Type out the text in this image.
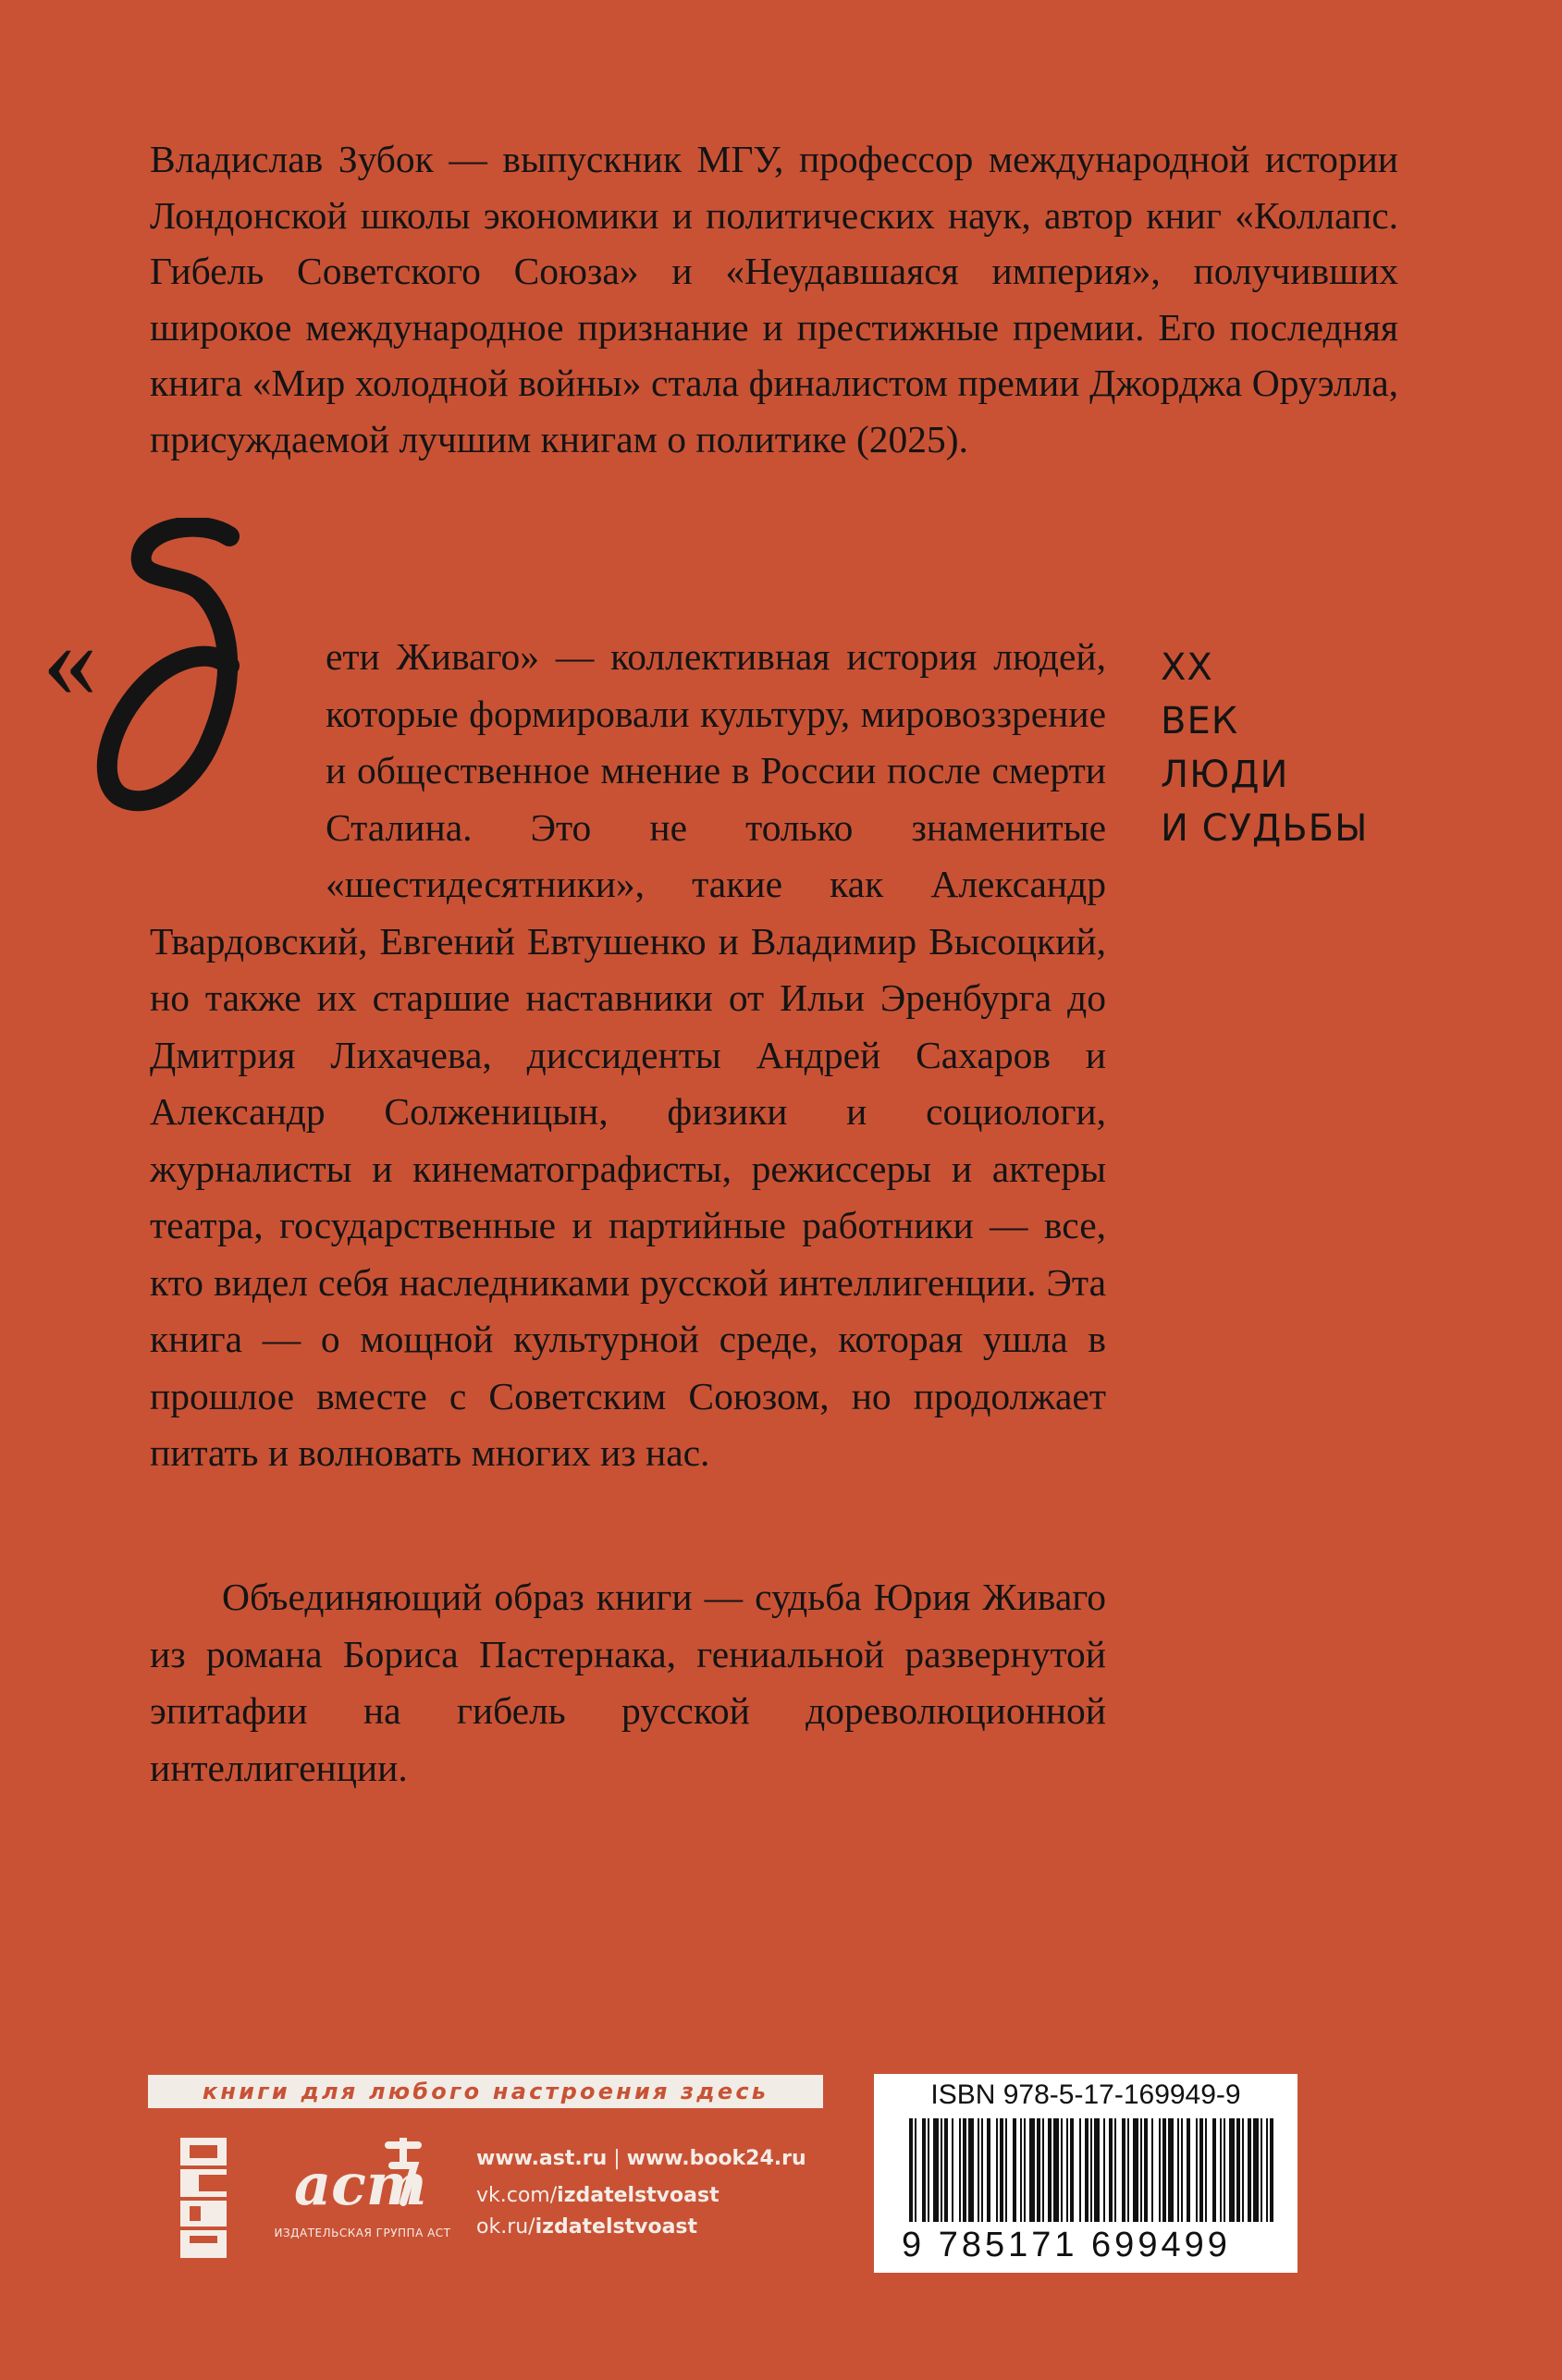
Владислав Зубок — выпускник МГУ, профессор международной истории Лондонской школы экономики и политических наук, автор книг «Коллапс. Гибель Советского Союза» и «Неудавшаяся империя», получивших широкое международное признание и престижные премии. Его последняя книга «Мир холодной войны» стала финалистом премии Джорджа Оруэлла, присуждаемой лучшим книгам о политике (2025).

«	ети Живаго» — коллективная история людей, которые формировали культуру, мировоззрение и общественное мнение в России после смерти Сталина. Это не только знаменитые «шестидесятники», такие как Александр Твардовский, Евгений Евтушенко и Владимир Высоцкий, но также их старшие наставники от Ильи Эренбурга до Дмитрия Лихачева, диссиденты Андрей Сахаров и Александр Солженицын, физики и социологи, журналисты и кинематографисты, режиссеры и актеры театра, государственные и партийные работники — все, кто видел себя наследниками русской интеллигенции. Эта книга — о мощной культурной среде, которая ушла в прошлое вместе с Советским Союзом, но продолжает питать и волновать многих из нас.

XX
ВЕК
ЛЮДИ
И СУДЬБЫ

Объединяющий образ книги — судьба Юрия Живаго из романа Бориса Пастернака, гениальной развернутой эпитафии на гибель русской дореволюционной интеллигенции.

книги для любого настроения здесь
аст
ИЗДАТЕЛЬСКАЯ ГРУППА АСТ
www.ast.ru | www.book24.ru
vk.com/izdatelstvoast
ok.ru/izdatelstvoast
ISBN 978-5-17-169949-9
9 785171 699499
